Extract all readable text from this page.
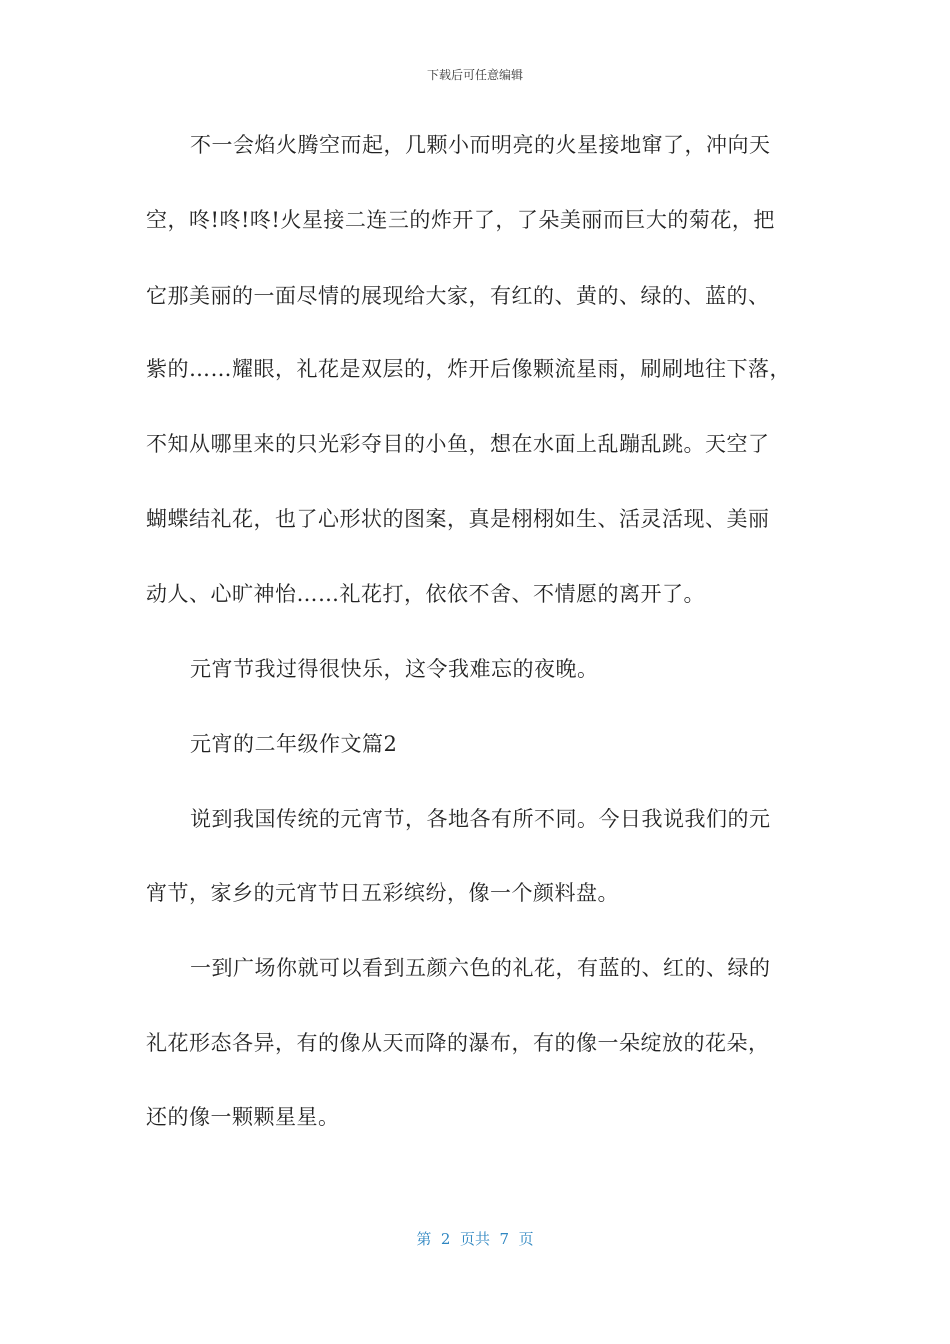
下载后可任意编辑
不一会焰火腾空而起，几颗小而明亮的火星接地窜了，冲向天
空，咚!咚!咚!火星接二连三的炸开了，了朵美丽而巨大的菊花，把
它那美丽的一面尽情的展现给大家，有红的、黄的、绿的、蓝的、
紫的……耀眼，礼花是双层的，炸开后像颗流星雨，刷刷地往下落，
不知从哪里来的只光彩夺目的小鱼，想在水面上乱蹦乱跳。天空了
蝴蝶结礼花，也了心形状的图案，真是栩栩如生、活灵活现、美丽
动人、心旷神怡……礼花打，依依不舍、不情愿的离开了。
元宵节我过得很快乐，这令我难忘的夜晚。
元宵的二年级作文篇2
说到我国传统的元宵节，各地各有所不同。今日我说我们的元
宵节，家乡的元宵节日五彩缤纷，像一个颜料盘。
一到广场你就可以看到五颜六色的礼花，有蓝的、红的、绿的
礼花形态各异，有的像从天而降的瀑布，有的像一朵绽放的花朵，
还的像一颗颗星星。
第  2  页共  7  页
